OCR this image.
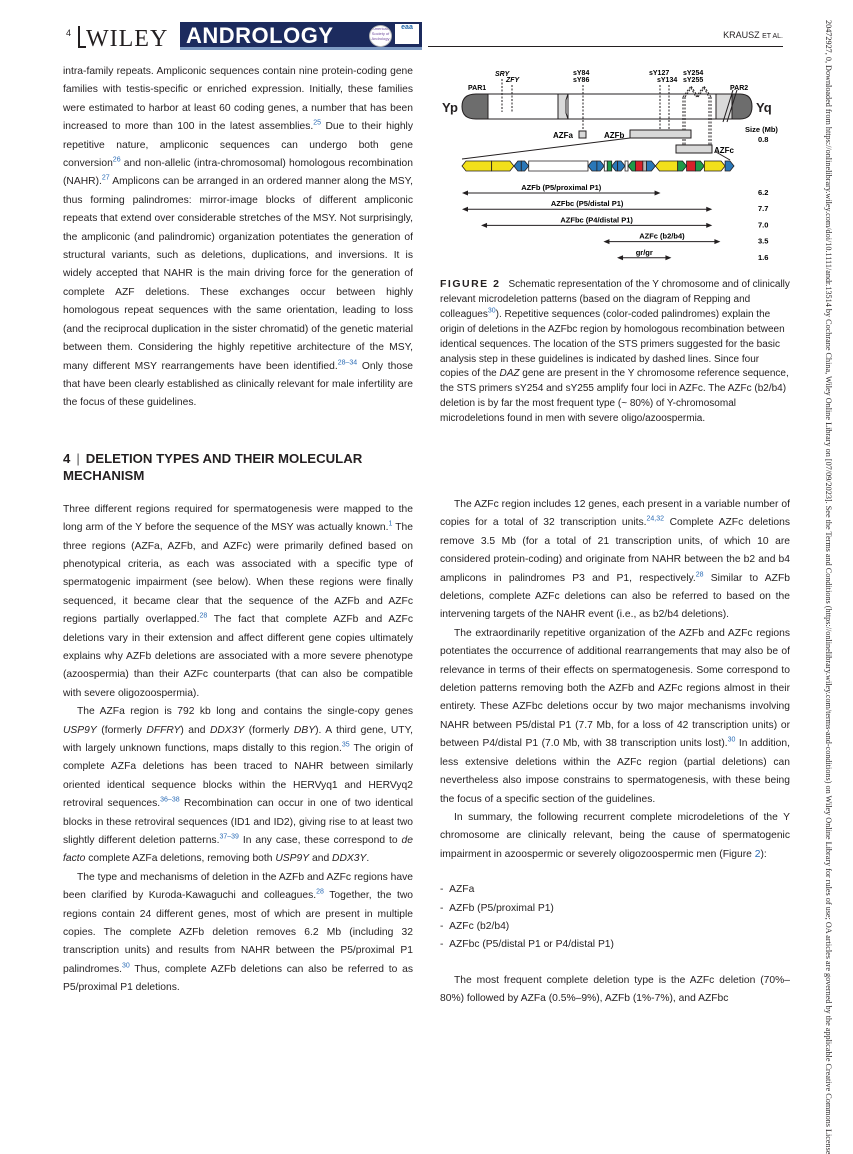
4 WILEY ANDROLOGY	American Society of Andrology
eaa
KRAUSZ ET AL.

intra-family repeats. Ampliconic sequences contain nine protein-coding gene families with testis-specific or enriched expression. Initially, these families were estimated to harbor at least 60 coding genes, a number that has been increased to more than 100 in the latest assemblies.$^{25}$ Due to their highly repetitive nature, ampliconic sequences can undergo both gene conversion$^{26}$ and non-allelic (intra-chromosomal) homologous recombination (NAHR).$^{27}$ Amplicons can be arranged in an ordered manner along the MSY, thus forming palindromes: mirror-image blocks of different ampliconic repeats that extend over considerable stretches of the MSY. Not surprisingly, the ampliconic (and palindromic) organization potentiates the generation of structural variants, such as deletions, duplications, and inversions. It is widely accepted that NAHR is the main driving force for the generation of complete AZF deletions. These exchanges occur between highly homologous repeat sequences with the same orientation, leading to loss (and the reciprocal duplication in the sister chromatid) of the genetic material between them. Considering the highly repetitive architecture of the MSY, many different MSY rearrangements have been identified.$^{28-34}$ Only those that have been clearly established as clinically relevant for male infertility are the focus of these guidelines.

4 | DELETION TYPES AND THEIR MOLECULAR MECHANISM

Three different regions required for spermatogenesis were mapped to the long arm of the Y before the sequence of the MSY was actually known.$^1$ The three regions (AZFa, AZFb, and AZFc) were primarily defined based on phenotypical criteria, as each was associated with a specific type of spermatogenic impairment (see below). When these regions were finally sequenced, it became clear that the sequence of the AZFb and AZFc regions partially overlapped.$^{28}$ The fact that complete AZFb and AZFc deletions vary in their extension and affect different gene copies ultimately explains why AZFb deletions are associated with a more severe phenotype (azoospermia) than their AZFc counterparts (that can also be compatible with severe oligozoospermia).

The AZFa region is 792 kb long and contains the single-copy genes USP9Y (formerly DFFRY) and DDX3Y (formerly DBY). A third gene, UTY, with largely unknown functions, maps distally to this region.$^{35}$ The origin of complete AZFa deletions has been traced to NAHR between similarly oriented identical sequence blocks within the HERVyq1 and HERVyq2 retroviral sequences.$^{36-38}$ Recombination can occur in one of two identical blocks in these retroviral sequences (ID1 and ID2), giving rise to at least two slightly different deletion patterns.$^{37-39}$ In any case, these correspond to de facto complete AZFa deletions, removing both USP9Y and DDX3Y.

The type and mechanisms of deletion in the AZFb and AZFc regions have been clarified by Kuroda-Kawaguchi and colleagues.$^{28}$ Together, the two regions contain 24 different genes, most of which are present in multiple copies. The complete AZFb deletion removes 6.2 Mb (including 32 transcription units) and results from NAHR between the P5/proximal P1 palindromes.$^{30}$ Thus, complete AZFb deletions can also be referred to as P5/proximal P1 deletions.

Yp	Yq
PAR1	PAR2
SRY
ZFY
sY84
sY86
sY127
sY134
sY254
sY255
AZFa	AZFb
AZFc
Size (Mb)
0.8
AZFb (P5/proximal P1)
6.2
AZFbc (P5/distal P1)
7.7
AZFbc (P4/distal P1)
7.0
AZFc (b2/b4)
3.5
gr/gr
1.6
FIGURE 2 Schematic representation of the Y chromosome and of clinically relevant microdeletion patterns (based on the diagram of Repping and colleagues$^{30}$). Repetitive sequences (color-coded palindromes) explain the origin of deletions in the AZFbc region by homologous recombination between identical sequences. The location of the STS primers suggested for the basic analysis step in these guidelines is indicated by dashed lines. Since four copies of the DAZ gene are present in the Y chromosome reference sequence, the STS primers sY254 and sY255 amplify four loci in AZFc. The AZFc (b2/b4) deletion is by far the most frequent type (~ 80%) of Y-chromosomal microdeletions found in men with severe oligo/azoospermia.

The AZFc region includes 12 genes, each present in a variable number of copies for a total of 32 transcription units.$^{24,32}$ Complete AZFc deletions remove 3.5 Mb (for a total of 21 transcription units, of which 10 are considered protein-coding) and originate from NAHR between the b2 and b4 amplicons in palindromes P3 and P1, respectively.$^{28}$ Similar to AZFb deletions, complete AZFc deletions can also be referred to based on the intervening targets of the NAHR event (i.e., as b2/b4 deletions).

The extraordinarily repetitive organization of the AZFb and AZFc regions potentiates the occurrence of additional rearrangements that may also be of relevance in terms of their effects on spermatogenesis. Some correspond to deletion patterns removing both the AZFb and AZFc regions almost in their entirety. These AZFbc deletions occur by two major mechanisms involving NAHR between P5/distal P1 (7.7 Mb, for a loss of 42 transcription units) or between P4/distal P1 (7.0 Mb, with 38 transcription units lost).$^{30}$ In addition, less extensive deletions within the AZFc region (partial deletions) can nevertheless also impose constrains to spermatogenesis, with these being the focus of a specific section of the guidelines.

In summary, the following recurrent complete microdeletions of the Y chromosome are clinically relevant, being the cause of spermatogenic impairment in azoospermic or severely oligozoospermic men (Figure 2):

-  AZFa
-  AZFb (P5/proximal P1)
-  AZFc (b2/b4)
-  AZFbc (P5/distal P1 or P4/distal P1)

The most frequent complete deletion type is the AZFc deletion (70%–80%) followed by AZFa (0.5%–9%), AZFb (1%-7%), and AZFbc	20472927, 0, Downloaded from https://onlinelibrary.wiley.com/doi/10.1111/andr.13514 by Cochrane China, Wiley Online Library on [07/09/2023]. See the Terms and Conditions (https://onlinelibrary.wiley.com/terms-and-conditions) on Wiley Online Library for rules of use; OA articles are governed by the applicable Creative Commons License
